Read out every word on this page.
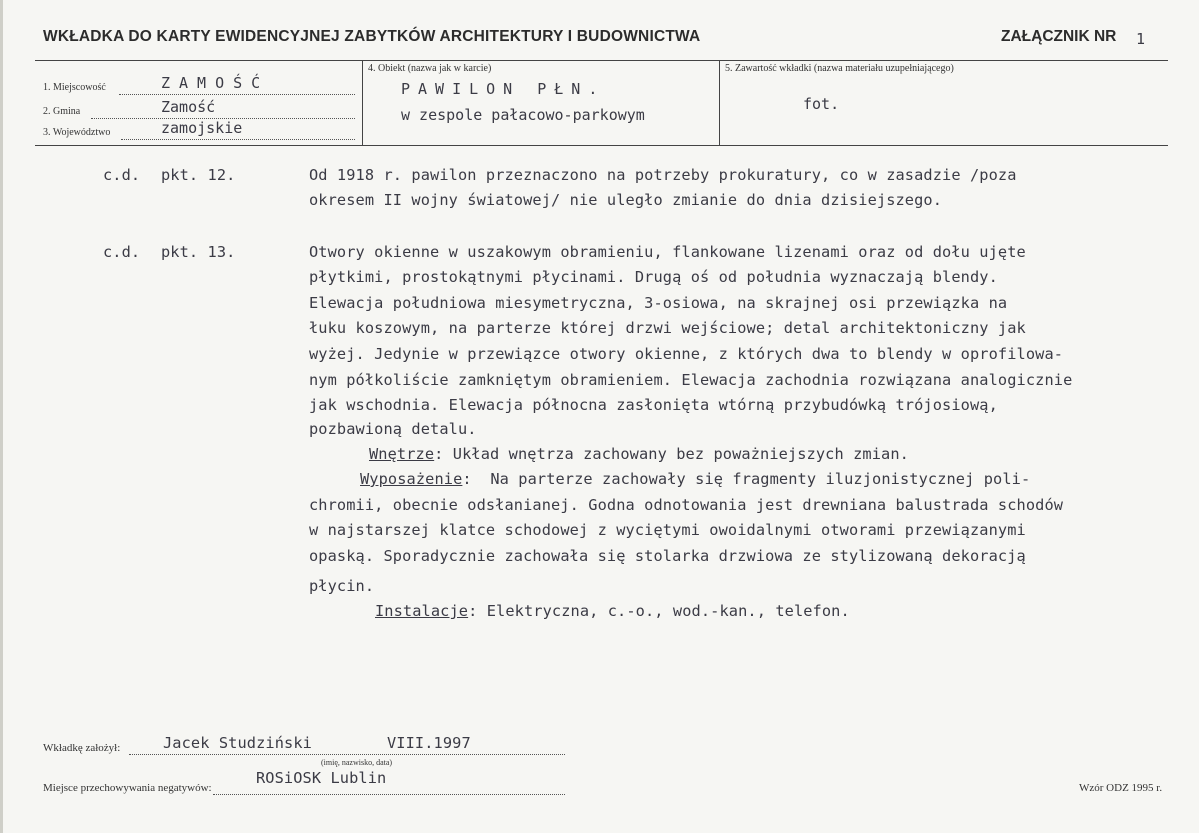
WKŁADKA DO KARTY EWIDENCYJNEJ ZABYTKÓW ARCHITEKTURY I BUDOWNICTWA	ZAŁĄCZNIK NR 1
1. Miejscowość	ZAMOŚĆ
2. Gmina	Zamość
3. Województwo	zamojskie
4. Obiekt (nazwa jak w karcie)
PAWILON PŁN.
w zespole pałacowo-parkowym
5. Zawartość wkładki (nazwa materiału uzupełniającego)
fot.
c.d. pkt. 12.	Od 1918 r. pawilon przeznaczono na potrzeby prokuratury, co w zasadzie /poza
okresem II wojny światowej/ nie uległo zmianie do dnia dzisiejszego.
c.d. pkt. 13.	Otwory okienne w uszakowym obramieniu, flankowane lizenami oraz od dołu ujęte
płytkimi, prostokątnymi płycinami. Drugą oś od południa wyznaczają blendy.
Elewacja południowa miesymetryczna, 3-osiowa, na skrajnej osi przewiązka na
łuku koszowym, na parterze której drzwi wejściowe; detal architektoniczny jak
wyżej. Jedynie w przewiązce otwory okienne, z których dwa to blendy w oprofilowa-
nym półkoliście zamkniętym obramieniem. Elewacja zachodnia rozwiązana analogicznie
jak wschodnia. Elewacja północna zasłonięta wtórną przybudówką trójosiową,
pozbawioną detalu.
Wnętrze: Układ wnętrza zachowany bez poważniejszych zmian.
Wyposażenie:  Na parterze zachowały się fragmenty iluzjonistycznej poli-
chromii, obecnie odsłanianej. Godna odnotowania jest drewniana balustrada schodów
w najstarszej klatce schodowej z wyciętymi owoidalnymi otworami przewiązanymi
opaską. Sporadycznie zachowała się stolarka drzwiowa ze stylizowaną dekoracją
płycin.
Instalacje: Elektryczna, c.-o., wod.-kan., telefon.
Wkładkę założył:	Jacek Studziński	VIII.1997
(imię, nazwisko, data)
Miejsce przechowywania negatywów:
ROSiOSK Lublin
Wzór ODZ 1995 r.
